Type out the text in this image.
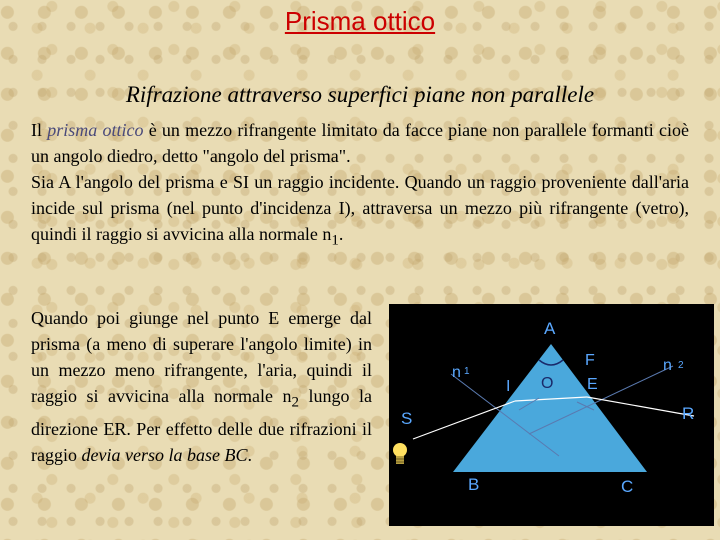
Prisma ottico
Rifrazione attraverso superfici piane non parallele
Il prisma ottico è un mezzo rifrangente limitato da facce piane non parallele formanti cioè un angolo diedro, detto "angolo del prisma".
Sia A l'angolo del prisma e SI un raggio incidente. Quando un raggio proveniente dall'aria incide sul prisma (nel punto d'incidenza I), attraversa un mezzo più rifrangente (vetro), quindi il raggio si avvicina alla normale $n_1$.
Quando poi giunge nel punto E emerge dal prisma (a meno di superare l'angolo limite) in un mezzo meno rifrangente, l'aria, quindi il raggio si avvicina alla normale $n_2$ lungo la direzione ER. Per effetto delle due rifrazioni il raggio devia verso la base BC.
A
n 1	n 2
I O
F
E
S	R
B	C
